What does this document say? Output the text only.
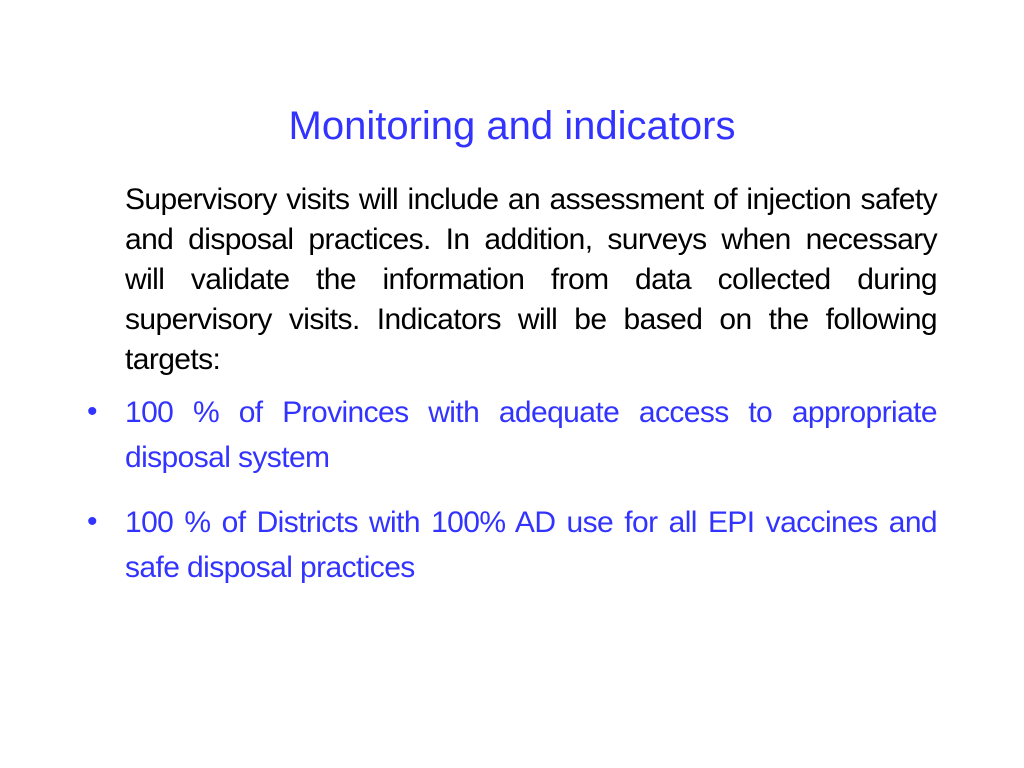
Monitoring and indicators

Supervisory visits will include an assessment of injection safety and disposal practices. In addition, surveys when necessary will validate the information from data collected during supervisory visits. Indicators will be based on the following targets:

• 100 % of Provinces with adequate access to appropriate disposal system
• 100 % of Districts with 100% AD use for all EPI vaccines and safe disposal practices
